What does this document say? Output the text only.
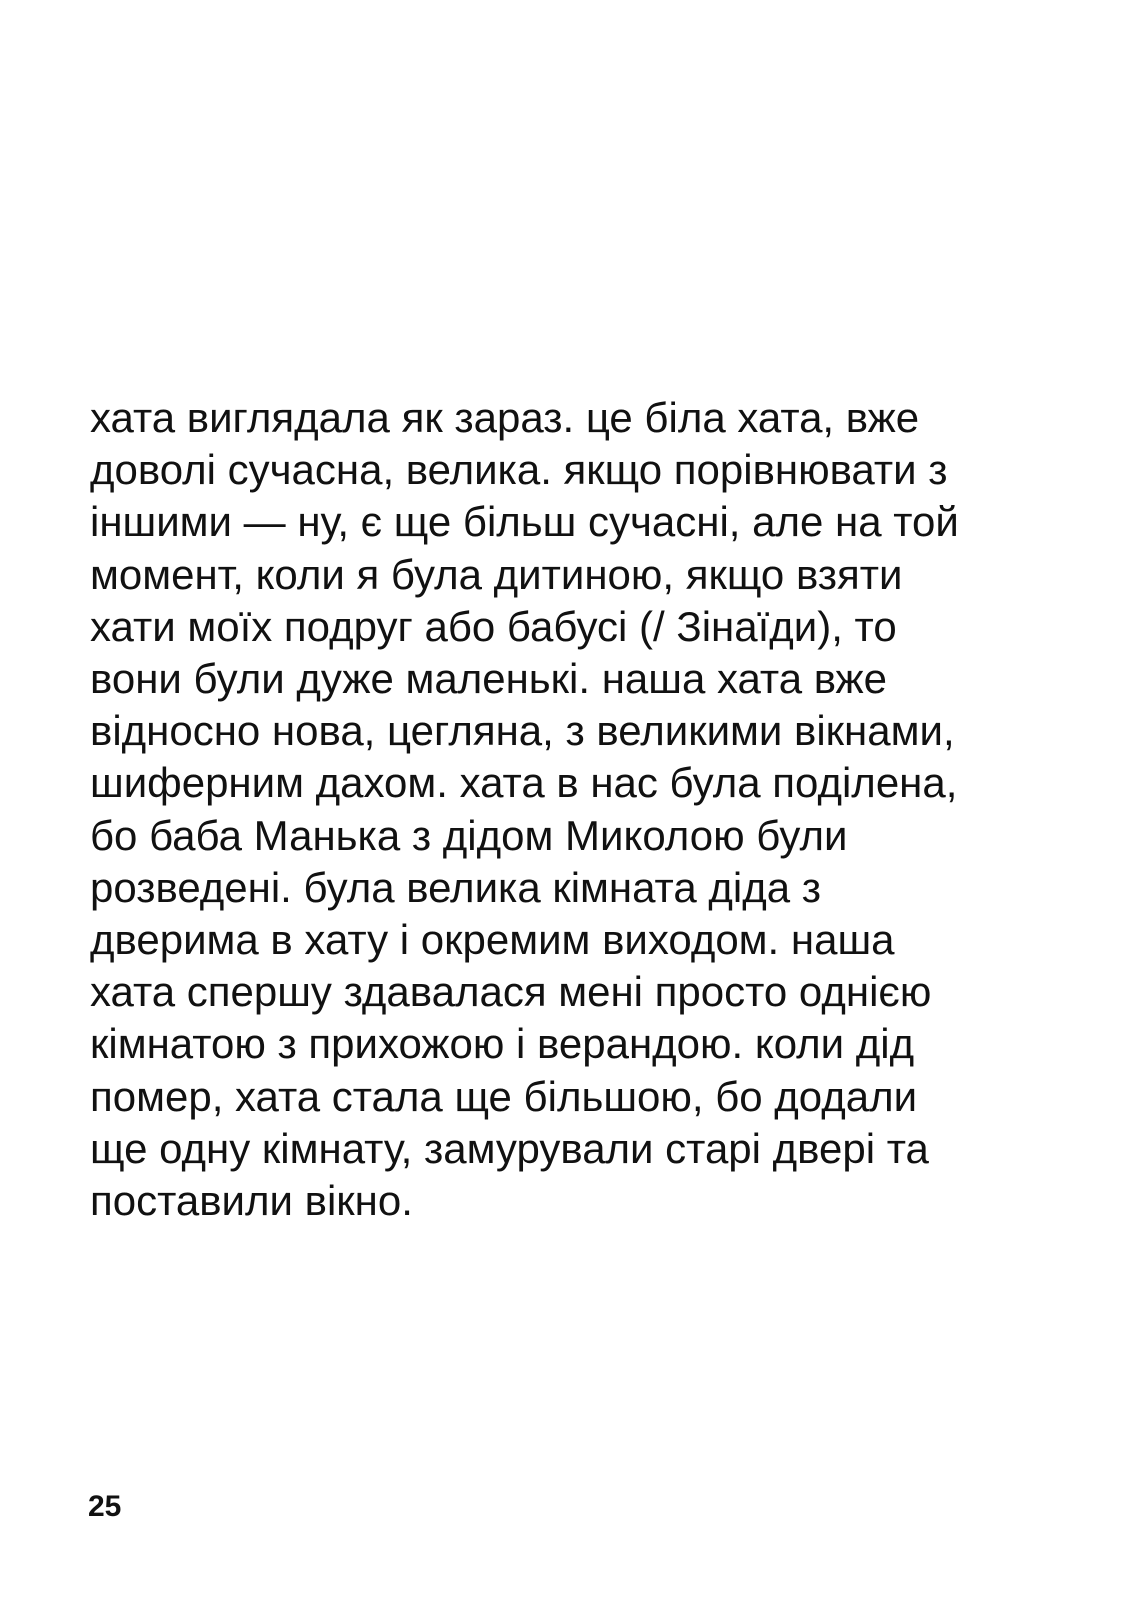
хата виглядала як зараз. це біла хата, вже
доволі сучасна, велика. якщо порівнювати з
іншими — ну, є ще більш сучасні, але на той
момент, коли я була дитиною, якщо взяти
хати моїх подруг або бабусі (/ Зінаїди), то
вони були дуже маленькі. наша хата вже
відносно нова, цегляна, з великими вікнами,
шиферним дахом. хата в нас була поділена,
бо баба Манька з дідом Миколою були
розведені. була велика кімната діда з
дверима в хату і окремим виходом. наша
хата спершу здавалася мені просто однією
кімнатою з прихожою і верандою. коли дід
помер, хата стала ще більшою, бо додали
ще одну кімнату, замурували старі двері та
поставили вікно.

25
